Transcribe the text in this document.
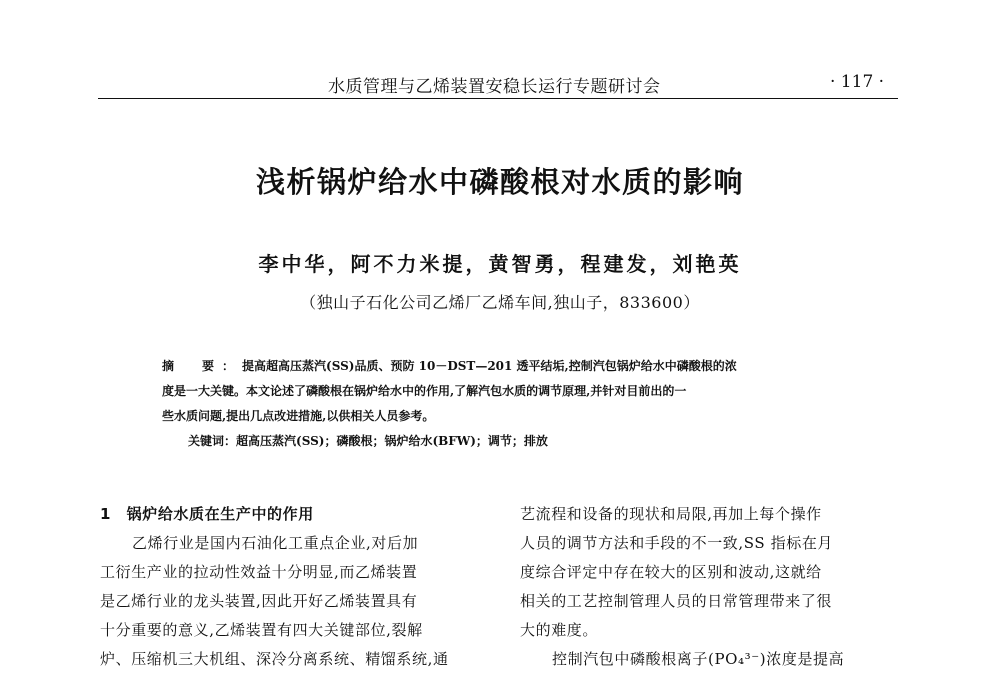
水质管理与乙烯装置安稳长运行专题研讨会	· 117 ·
浅析锅炉给水中磷酸根对水质的影响
李中华，阿不力米提，黄智勇，程建发，刘艳英
（独山子石化公司乙烯厂乙烯车间,独山子，833600）

摘　要：提高超高压蒸汽(SS)品质、预防 10－DST—201 透平结垢,控制汽包锅炉给水中磷酸根的浓

度是一大关键。本文论述了磷酸根在锅炉给水中的作用,了解汽包水质的调节原理,并针对目前出的一

些水质问题,提出几点改进措施,以供相关人员参考。

关键词：超高压蒸汽(SS)；磷酸根；锅炉给水(BFW)；调节；排放

1　锅炉给水质在生产中的作用

乙烯行业是国内石油化工重点企业,对后加

工衍生产业的拉动性效益十分明显,而乙烯装置

是乙烯行业的龙头装置,因此开好乙烯装置具有

十分重要的意义,乙烯装置有四大关键部位,裂解

炉、压缩机三大机组、深冷分离系统、精馏系统,通

艺流程和设备的现状和局限,再加上每个操作

人员的调节方法和手段的不一致,SS 指标在月

度综合评定中存在较大的区别和波动,这就给

相关的工艺控制管理人员的日常管理带来了很

大的难度。

控制汽包中磷酸根离子(PO₄³⁻)浓度是提高
